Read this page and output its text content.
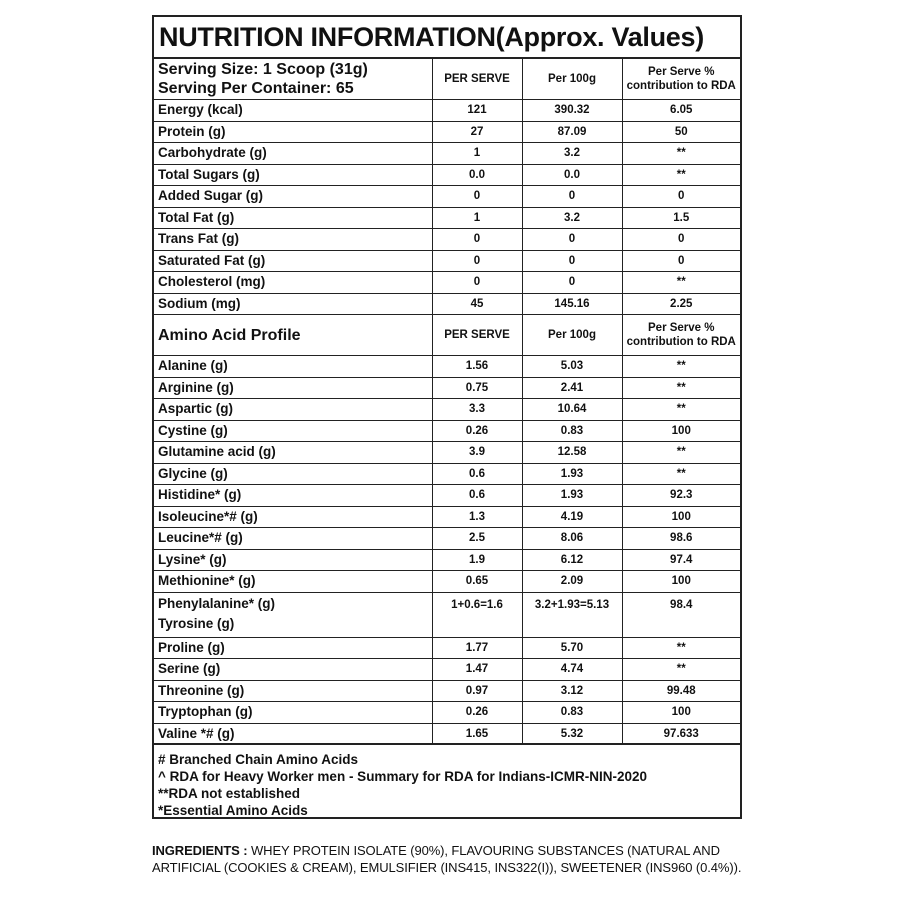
NUTRITION INFORMATION(Approx. Values)
Serving Size: 1 Scoop (31g)
Serving Per Container: 65	PER SERVE	Per 100g	Per Serve % contribution to RDA

Energy (kcal)	121	390.32	6.05

Protein (g)	27	87.09	50

Carbohydrate (g)	1	3.2	**

Total Sugars (g)	0.0	0.0	**

Added Sugar (g)	0	0	0

Total Fat (g)	1	3.2	1.5

Trans Fat (g)	0	0	0

Saturated Fat (g)	0	0	0

Cholesterol (mg)	0	0	**

Sodium (mg)	45	145.16	2.25
Amino Acid Profile	PER SERVE	Per 100g	Per Serve % contribution to RDA

Alanine (g)	1.56	5.03	**

Arginine (g)	0.75	2.41	**

Aspartic (g)	3.3	10.64	**

Cystine (g)	0.26	0.83	100

Glutamine acid (g)	3.9	12.58	**

Glycine (g)	0.6	1.93	**

Histidine* (g)	0.6	1.93	92.3

Isoleucine*# (g)	1.3	4.19	100

Leucine*# (g)	2.5	8.06	98.6

Lysine* (g)	1.9	6.12	97.4

Methionine* (g)	0.65	2.09	100

Phenylalanine* (g)
Tyrosine (g)	1+0.6=1.6	3.2+1.93=5.13	98.4

Proline (g)	1.77	5.70	**

Serine (g)	1.47	4.74	**

Threonine (g)	0.97	3.12	99.48

Tryptophan (g)	0.26	0.83	100

Valine *# (g)	1.65	5.32	97.633
# Branched Chain Amino Acids
^ RDA for Heavy Worker men - Summary for RDA for Indians-ICMR-NIN-2020
**RDA not established
*Essential Amino Acids
INGREDIENTS : WHEY PROTEIN ISOLATE (90%), FLAVOURING SUBSTANCES (NATURAL AND ARTIFICIAL (COOKIES & CREAM), EMULSIFIER (INS415, INS322(I)), SWEETENER (INS960 (0.4%)).
